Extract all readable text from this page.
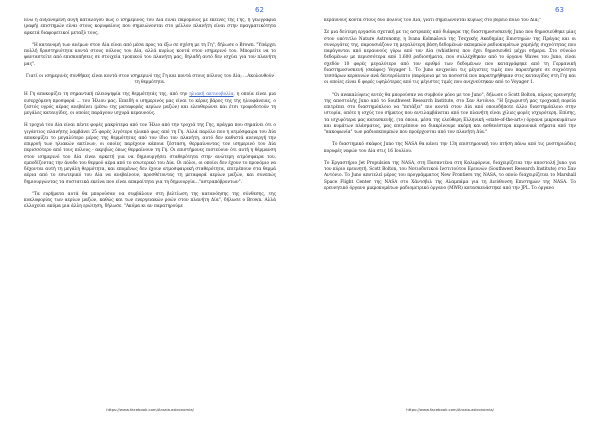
62

Ενώ η αυξανόμενη αυγή καταλόγου πως ο ισημερινός του Δία είναι παρόμοιος με εκείνες της Γης, η γεωγραφία (ραφή) επιστημών είναι στους κορυφαίους που σημειώνονται στο μέλλον πλανήτη είναι στην πραγματικότητα αρκετά διαφορετικοί μεταξύ τους.

"Η κατανομή των ανέμων στον Δία είναι από μέσα προς τα έξω σε σχέση με τη Γη", δήλωσε ο Brown. "Υπάρχει πολλή δραστηριότητα κοντά στους πόλους του Δία, αλλά κυρίως κοντά στον ισημερινό του. Μπορείτε να το φανταστείτε από επισκοπήσεις σε στοιχεία τροπικού του πλανήτη μας, δηλαδή αυτό δεν ισχύει για τον πλανήτη μας".

Γιατί οι ισημερινές συνθήκες είναι κοντά στον ισημερινό της Γη και κοντά στους πόλους του Δία; ...Ακολουθούν τη θερμότητα.

Η Γη αποκομίζει τη σημαντική πλειοψηφία της θερμότητάς της, από την ηλιακή ακτινοβολία, η οποία είναι μια εισερχόμενη προσφορά ... του Ήλιου μας. Επειδή ο ισημερινός μας είναι το κέρας βάρος της της ηλιοφάνειας, ο ζεστός υγρός αέρας ανεβαίνει (μέσω της ματαφοράς αερίων μαζών) και ελευθερώνει και έτσι τροφοδοτούν τη μεγάλες καταιγίδες, οι οποίες παράγουν ισχυρά κεραυνούς.

Η τροχιά του Δία είναι πέντε φορές μακρύτερα από τον Ήλιο από την τροχιά της Γης, πράγμα που σημαίνει ότι ο γιγάντιος πλανήτης λαμβάνει 25 φορές λιγότερο ηλιακό φως από τη Γη. Αλλά παρόλο που η ατμόσφαιρα του Δία αποκομίζει το μεγαλύτερο μέρος της θερμότητας από τον ίδιο τον πλανήτη, αυτό δεν καθιστά ανενεργή την επιρροή των ηλιακών ακτίνων, οι οποίες παρέχουν κάποια ζέσταση, θερμαίνοντας τον ισημερινό του Δία περισσότερο από τους πόλους - ακριβώς όπως θερμαίνουν τη Γη. Οι επιστήμονες πιστεύουν ότι αυτή η θέρμανση στον ισημερινό του Δία είναι αρκετή για να δημιουργήσει σταθερότητα στην ανώτερη ατμόσφαιρα του, εμποδίζοντας την άνοδο του θερμού αέρα από το εσωτερικό του Δία. Οι πόλοι, οι οποίοι δεν έχουν το προνόμιο να δέχονται αυτή τη μεγάλη θερμότητα, και επομένως δεν έχουν ατμοσφαιρική σταθερότητα, επιτρέπουν στα θερμά αέρια από το εσωτερικό του Δία να ανεβαίνουν, προσθέτοντας τη μεταφορά αερίων μαζών, και συνεπώς δημιουργώντας τα συστατικά εκείνα που είναι απαραίτητα για τη δημιουργία..."αστραπόβροντων".

"Τα ευρήματα αυτά θα μπορούσαν να συμβάλουν στη βελτίωση της κατανόησης της σύνθεσης, της κυκλοφορίας των αερίων μαζών, καθώς και των ενεργειακών ροών στον πλανήτη Δία", δήλωσε ο Brown. Αλλά ελλοχεύει ακόμα μια άλλη ερώτηση, δήλωσε. "Ακόμα κι αν παρατηρούμε

https://www.facebook.com/Arxaia.astronomia/
63

κεραυνούς κοντά στους δύο πόλους του Δία, γιατί σημειώνονται κυρίως στο βόρειο πόλο του Δία;"

Σε μια δεύτερη εργασία σχετική με τις αστραπές από διάφορα της διαστημοσυσκευής Juno που δημοσιεύθηκε μίας στον υπότιτλο Nature Astronomy, η Ivana Kolmašová της Τσεχικής Ακαδημίας Επιστημών της Πράγας και οι συνεργάτες της, παρουσιάζουν τη μεγαλύτερη βάση δεδομένων εκπομπών ραδιοκυμάτων χαμηλής συχνότητας που παράγονται από κεραυνούς γύρω από τον Δία (whistlers) που έχει δημοσιευθεί μέχρι σήμερα. Στο σύνολο δεδομένων με περισσότερα από 1.600 ραδιοσήματα, που συλλέχθηκαν από το όργανο Waves του Juno, είναι σχεδόν 10 φορές μεγαλύτερο από τον αριθμό των δεδομένων που καταγράφηκε από τη Γερμανική διαστημοσυσκευή (σκάφος) Voyager 1. Το Juno ανιχνεύει τις μέγιστες τιμές που παρατήρησε σε συχνότητα τεσσάρων κεραυνών ανά δευτερόλεπτο (παρόμοια με τα ποσοστά που παρατηρήθηκαν στις καταιγίδες στη Γη) και οι οποίες είναι 6 φορές υψηλότερες από τις μέγιστες τιμές που ανιχνεύτηκαν από το Voyager 1.

"Οι ανακαλύψεις αυτές θα μπορούσαν να συμβούν μόνο με τον Juno", δήλωσε ο Scott Bolton, κύριος ερευνητής της αποστολής Juno από το Southwest Research Institute, στο Σαν Αντόνιο. "Η ξεχωριστή μας τροχιακή πορεία επιτρέπει στο διαστημόπλοιο να "πετάξει" πιο κοντά στον Δία από οποιοδήποτε άλλο διαστημόπλοιο στην ιστορία, οπότε η ισχύς του σήματος που αντιλαμβάνεται από τον πλανήτη είναι χίλιες φορές ισχυρότερη. Επίσης, τα ισχυρότερα μας κατασκευής, (τα όποια, μέσα της ελεύθερη Ελληνική «state-of-the-art») όργανα μικροκυμάτων και κυμάτων πλάσματος, μας επιτρέπουν να διακρίνουμε ακόμη και ασθενέστερα κεραυνικά σήματα από την "κακοφωνία" των ραδιοεκπομπών που προέρχονται από τον πλανήτη Δία."

Το διαστημικό σκάφος Juno της NASA θα κάνει την 13η επιστημονική του πτήση πάνω από τις μυστηριώδεις κορυφές νεφών του Δία στις 16 Ιουλίου.

Το Εργαστήριο Jet Propulsion της NASA, στη Πασαντένα στη Καλιφόρνια, διαχειρίζεται την αποστολή Juno για τον κύριο ερευνητή, Scott Bolton, του Νοτιοδυτικού Ινστιτούτου Ερευνών (Southwest Research Institute) στο Σαν Αντόνιο. Το Juno αποτελεί μέρος του προγράμματος New Frontiers της NASA, το οποίο διαχειρίζεται το Marshall Space Flight Center της NASA στο Χάντσβιλ της Αλαμπάμα για τη Διεύθυνση Επιστημών της NASA. Το ερευνητικό όργανο μικροκυμάτων ραδιομετρικό όργανο (MWR) κατασκευάστηκε από την JPL. Το όργανο

https://www.facebook.com/Arxaia.astronomia/
